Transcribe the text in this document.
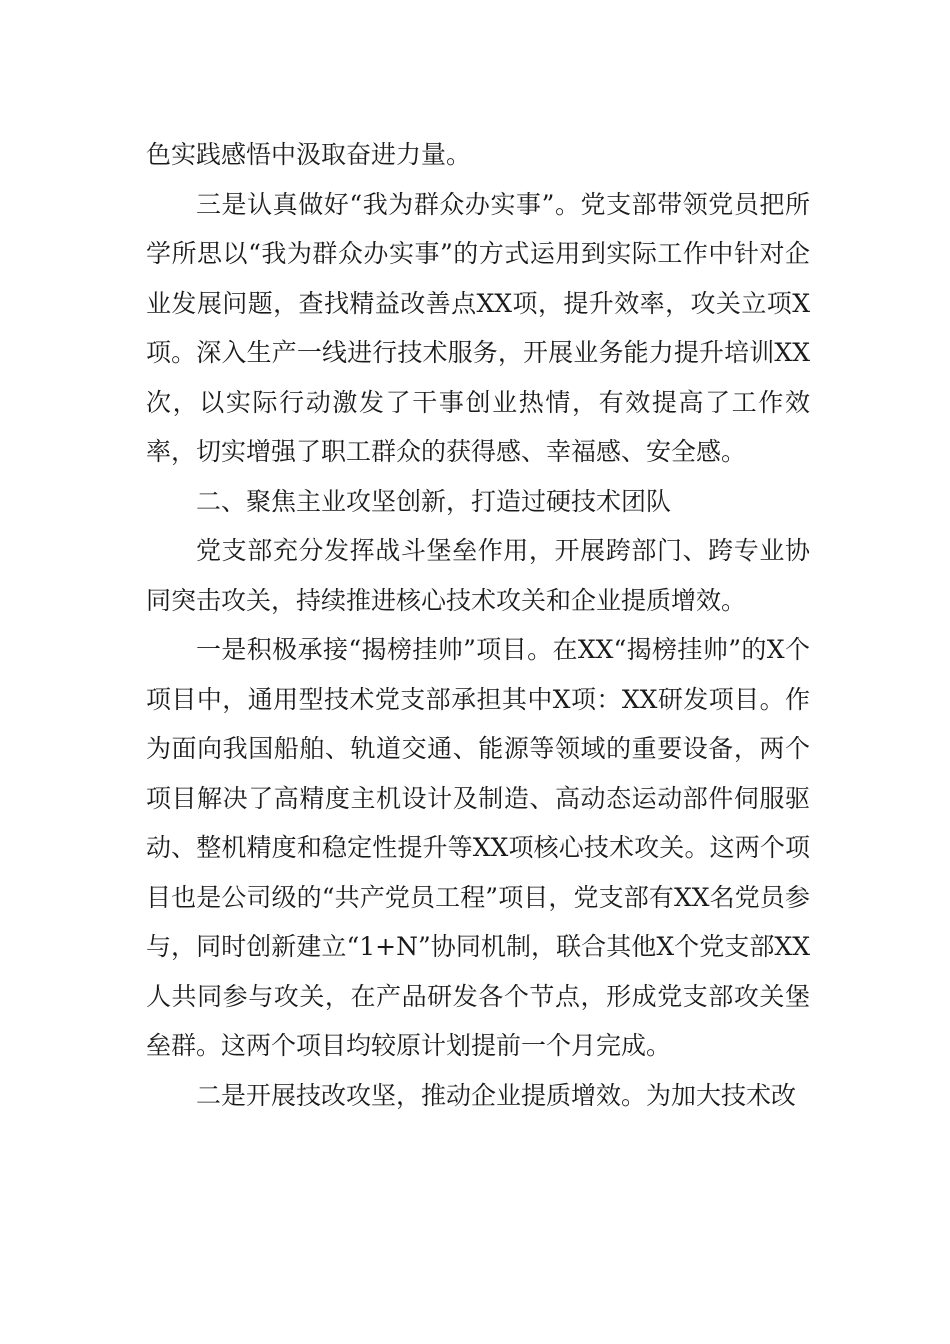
色实践感悟中汲取奋进力量。

三是认真做好“我为群众办实事”。党支部带领党员把所学所思以“我为群众办实事”的方式运用到实际工作中针对企业发展问题，查找精益改善点XX项，提升效率，攻关立项X项。深入生产一线进行技术服务，开展业务能力提升培训XX次，以实际行动激发了干事创业热情，有效提高了工作效率，切实增强了职工群众的获得感、幸福感、安全感。

二、聚焦主业攻坚创新，打造过硬技术团队

党支部充分发挥战斗堡垒作用，开展跨部门、跨专业协同突击攻关，持续推进核心技术攻关和企业提质增效。

一是积极承接“揭榜挂帅”项目。在XX“揭榜挂帅”的X个项目中，通用型技术党支部承担其中X项：XX研发项目。作为面向我国船舶、轨道交通、能源等领域的重要设备，两个项目解决了高精度主机设计及制造、高动态运动部件伺服驱动、整机精度和稳定性提升等XX项核心技术攻关。这两个项目也是公司级的“共产党员工程”项目，党支部有XX名党员参与，同时创新建立“1+N”协同机制，联合其他X个党支部XX人共同参与攻关，在产品研发各个节点，形成党支部攻关堡垒群。这两个项目均较原计划提前一个月完成。

二是开展技改攻坚，推动企业提质增效。为加大技术改
